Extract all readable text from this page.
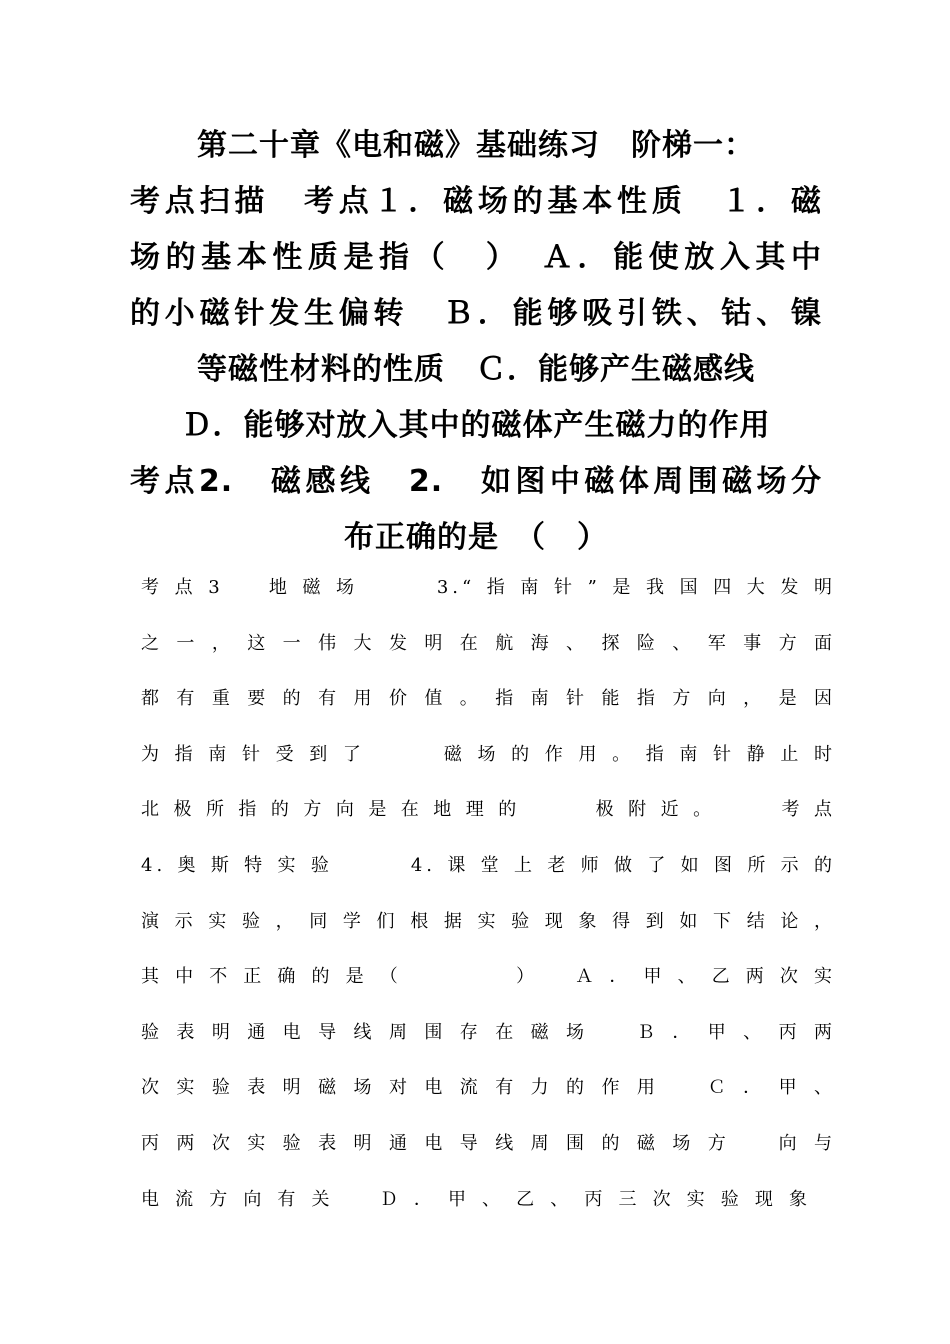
第二十章《电和磁》基础练习　阶梯一：
考点扫描　考点１．磁场的基本性质　１．磁
场的基本性质是指（　）　Ａ．能使放入其中
的小磁针发生偏转　Ｂ．能够吸引铁、钴、镍
等磁性材料的性质　Ｃ．能够产生磁感线
Ｄ．能够对放入其中的磁体产生磁力的作用
考点2.　磁感线　2.　如图中磁体周围磁场分
布正确的是　（　）
考点3　地磁场　　3.“指南针”是我国四大发明
之一，这一伟大发明在航海、探险、军事方面
都有重要的有用价值。指南针能指方向，是因
为指南针受到了　　磁场的作用。指南针静止时
北极所指的方向是在地理的　　极附近。　　考点
4.奥斯特实验　　4.课堂上老师做了如图所示的
演示实验，同学们根据实验现象得到如下结论，
其中不正确的是（　　　）　Ａ．甲、乙两次实
验表明通电导线周围存在磁场　Ｂ．甲、丙两
次实验表明磁场对电流有力的作用　Ｃ．甲、
丙两次实验表明通电导线周围的磁场方　向与
电流方向有关　Ｄ．甲、乙、丙三次实验现象
